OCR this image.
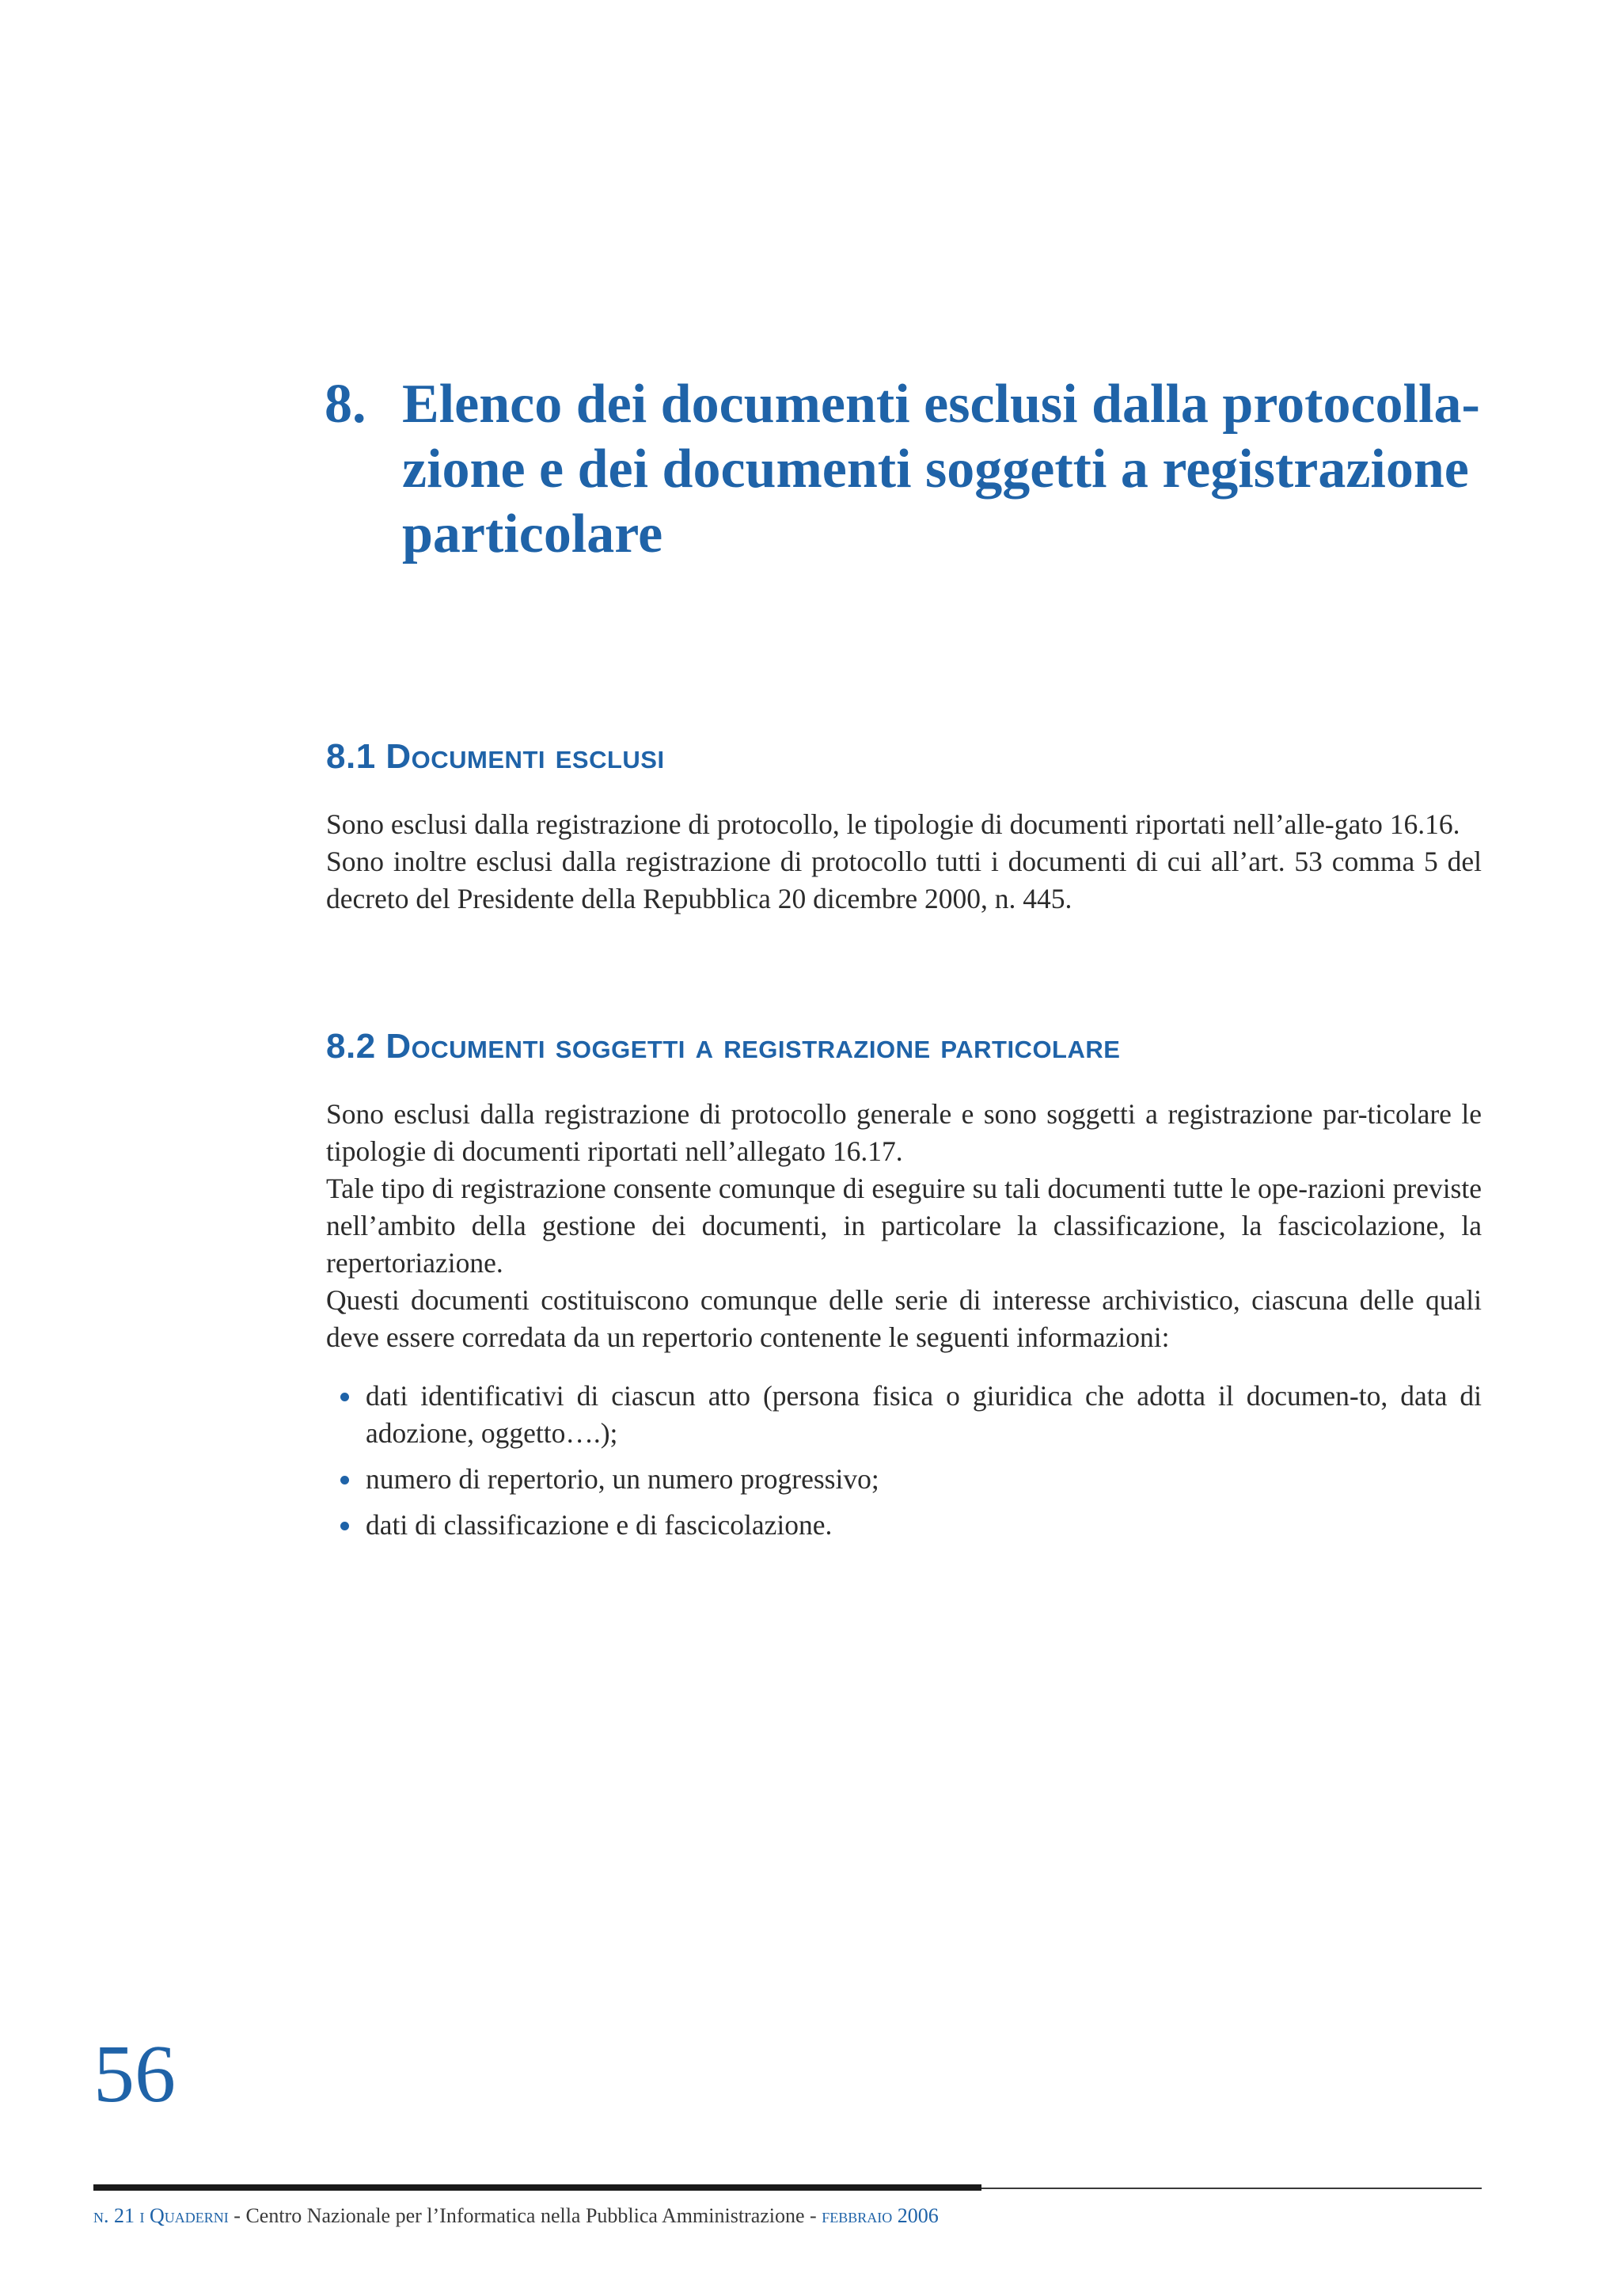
8. Elenco dei documenti esclusi dalla protocolla-
zione e dei documenti soggetti a registrazione
particolare
8.1 Documenti esclusi

Sono esclusi dalla registrazione di protocollo, le tipologie di documenti riportati nell’alle-gato 16.16.

Sono inoltre esclusi dalla registrazione di protocollo tutti i documenti di cui all’art. 53 comma 5 del decreto del Presidente della Repubblica 20 dicembre 2000, n. 445.

8.2 Documenti soggetti a registrazione particolare

Sono esclusi dalla registrazione di protocollo generale e sono soggetti a registrazione par-ticolare le tipologie di documenti riportati nell’allegato 16.17.

Tale tipo di registrazione consente comunque di eseguire su tali documenti tutte le ope-razioni previste nell’ambito della gestione dei documenti, in particolare la classificazione, la fascicolazione, la repertoriazione.

Questi documenti costituiscono comunque delle serie di interesse archivistico, ciascuna delle quali deve essere corredata da un repertorio contenente le seguenti informazioni:

dati identificativi di ciascun atto (persona fisica o giuridica che adotta il documen-to, data di adozione, oggetto….);
numero di repertorio, un numero progressivo;
dati di classificazione e di fascicolazione.
56
n. 21 i Quaderni - Centro Nazionale per l’Informatica nella Pubblica Amministrazione - febbraio 2006
